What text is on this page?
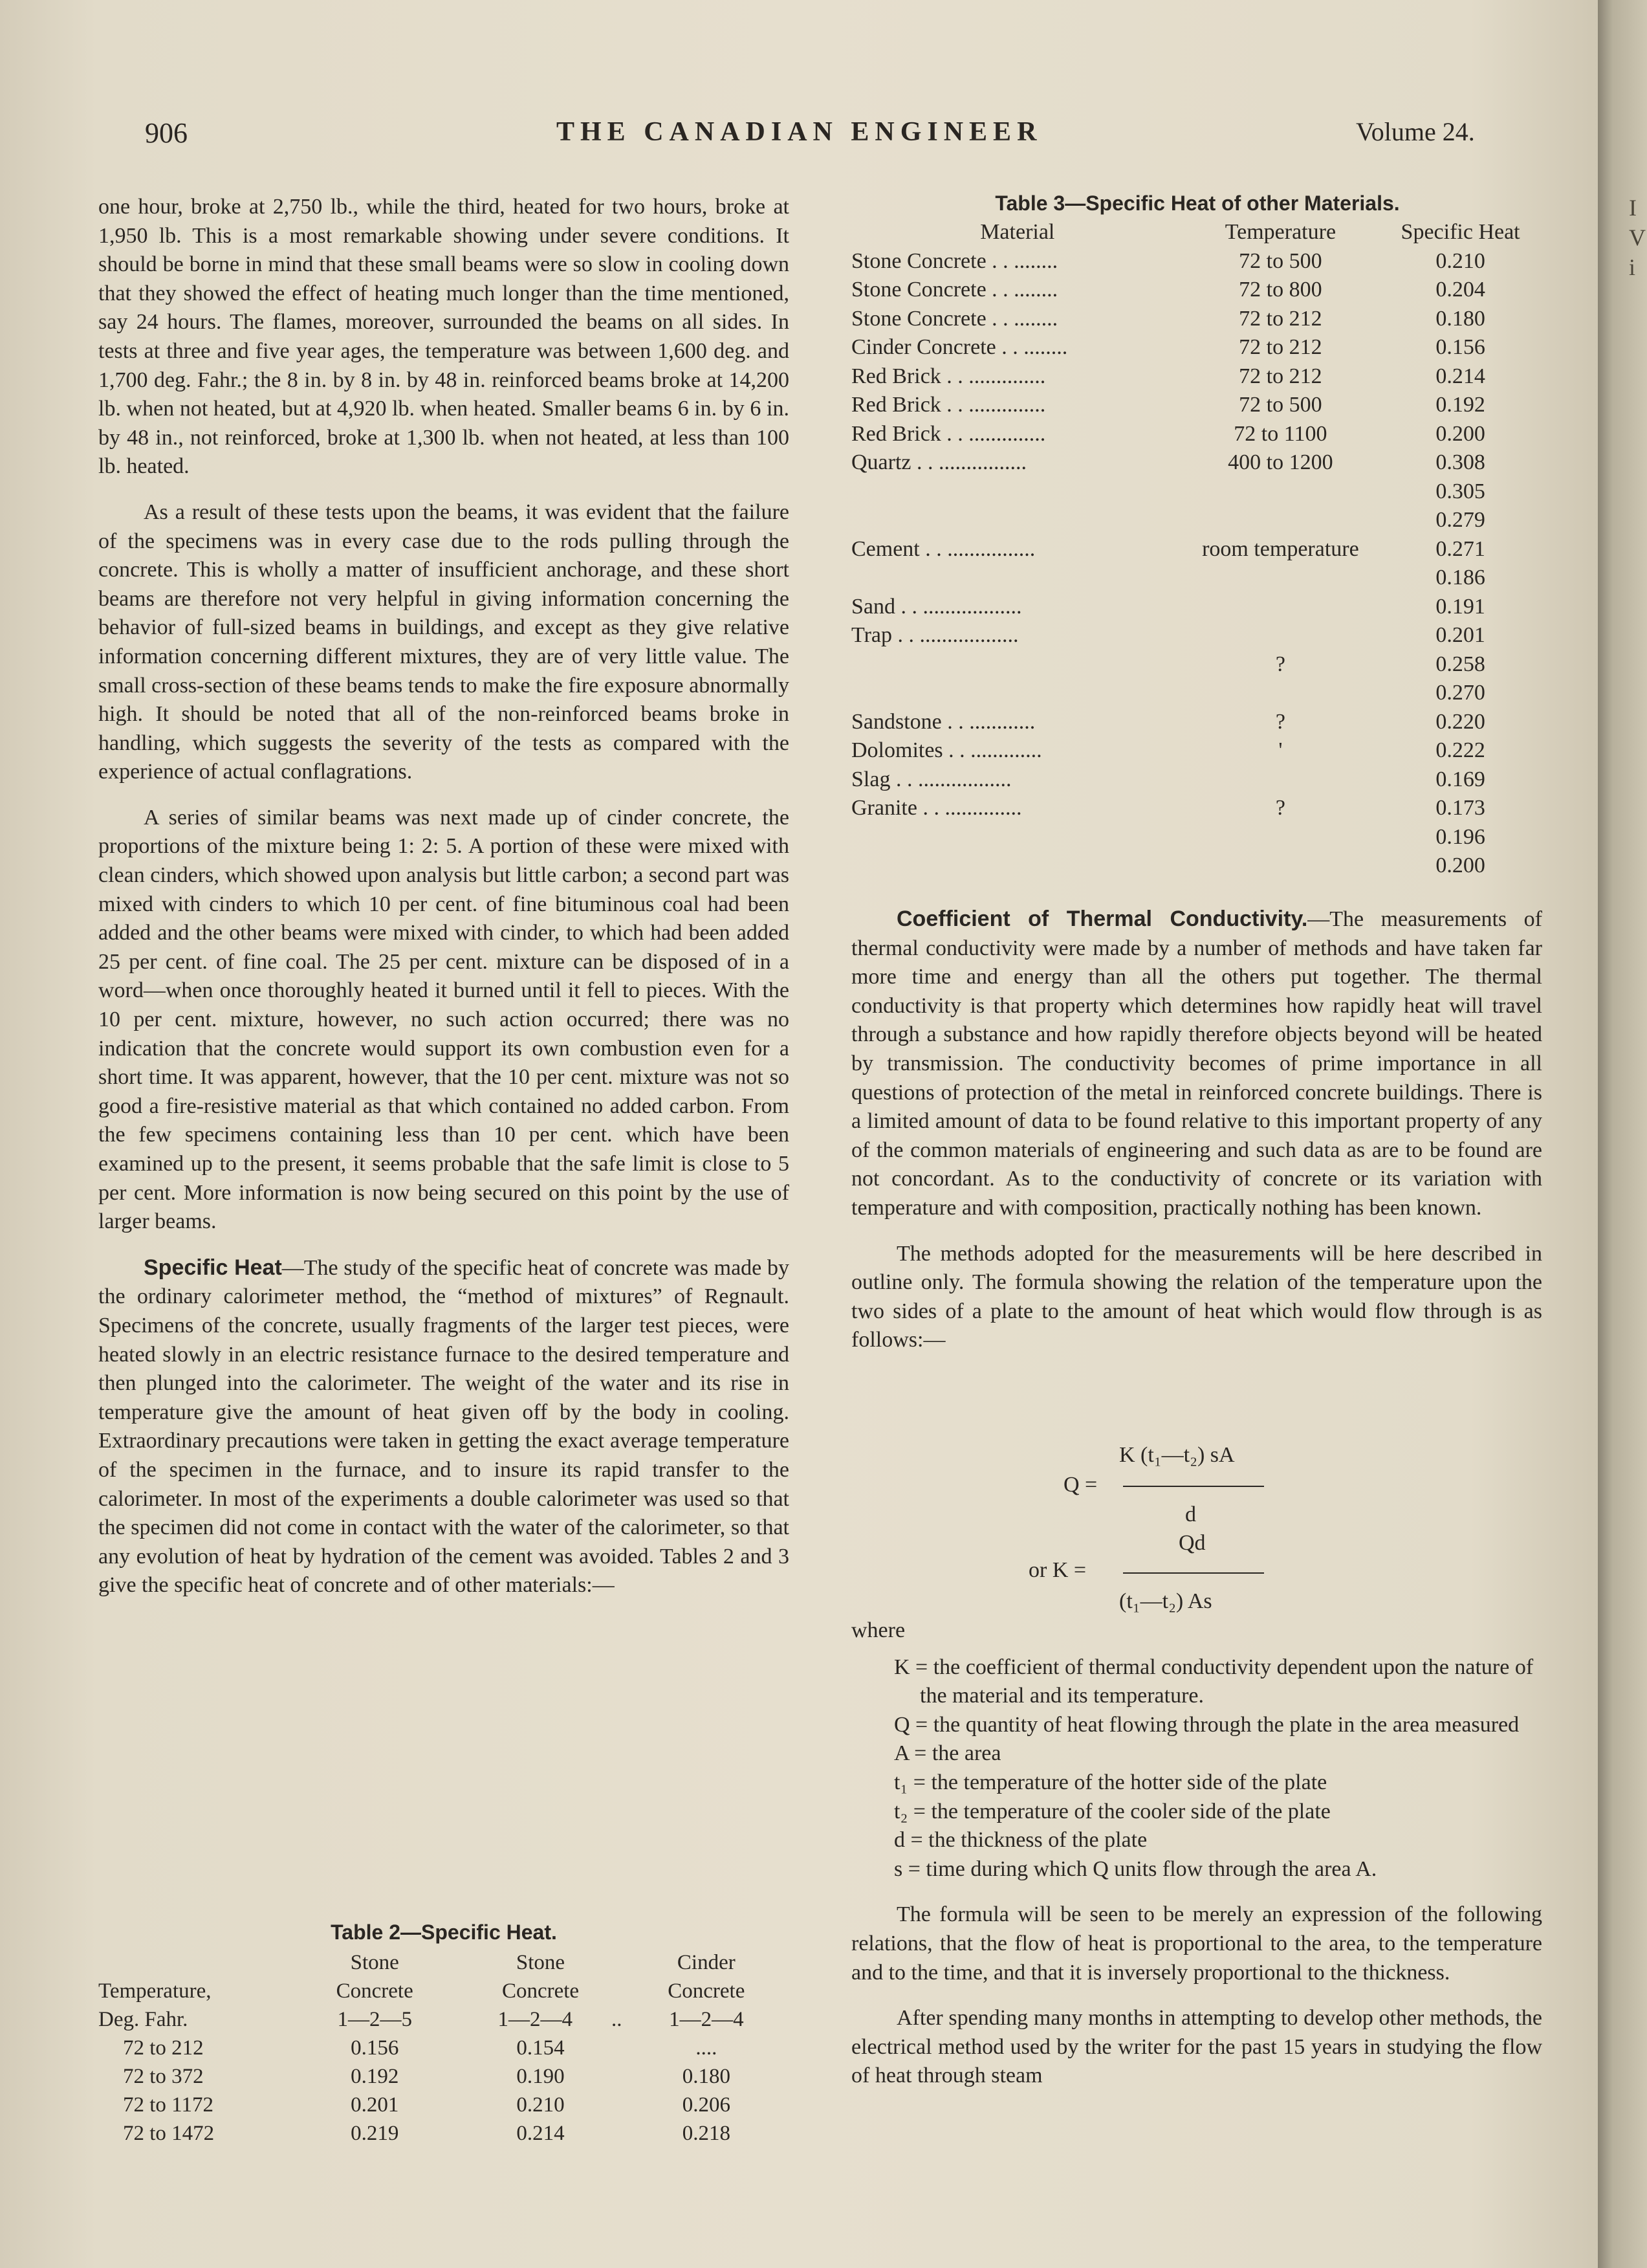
I
V
i
906	THE CANADIAN ENGINEER	Volume 24.

one hour, broke at 2,750 lb., while the third, heated for two hours, broke at 1,950 lb. This is a most remarkable showing under severe conditions. It should be borne in mind that these small beams were so slow in cooling down that they showed the effect of heating much longer than the time mentioned, say 24 hours. The flames, moreover, surrounded the beams on all sides. In tests at three and five year ages, the temperature was between 1,600 deg. and 1,700 deg. Fahr.; the 8 in. by 8 in. by 48 in. reinforced beams broke at 14,200 lb. when not heated, but at 4,920 lb. when heated. Smaller beams 6 in. by 6 in. by 48 in., not reinforced, broke at 1,300 lb. when not heated, at less than 100 lb. heated.

As a result of these tests upon the beams, it was evident that the failure of the specimens was in every case due to the rods pulling through the concrete. This is wholly a matter of insufficient anchorage, and these short beams are therefore not very helpful in giving information concerning the behavior of full-sized beams in buildings, and except as they give relative information concerning different mixtures, they are of very little value. The small cross-section of these beams tends to make the fire exposure abnormally high. It should be noted that all of the non-reinforced beams broke in handling, which suggests the severity of the tests as compared with the experience of actual conflagrations.

A series of similar beams was next made up of cinder concrete, the proportions of the mixture being 1: 2: 5. A portion of these were mixed with clean cinders, which showed upon analysis but little carbon; a second part was mixed with cinders to which 10 per cent. of fine bituminous coal had been added and the other beams were mixed with cinder, to which had been added 25 per cent. of fine coal. The 25 per cent. mixture can be disposed of in a word—when once thoroughly heated it burned until it fell to pieces. With the 10 per cent. mixture, however, no such action occurred; there was no indication that the concrete would support its own combustion even for a short time. It was apparent, however, that the 10 per cent. mixture was not so good a fire-resistive material as that which contained no added carbon. From the few specimens containing less than 10 per cent. which have been examined up to the present, it seems probable that the safe limit is close to 5 per cent. More information is now being secured on this point by the use of larger beams.

Specific Heat—The study of the specific heat of concrete was made by the ordinary calorimeter method, the “method of mixtures” of Regnault. Specimens of the concrete, usually fragments of the larger test pieces, were heated slowly in an electric resistance furnace to the desired temperature and then plunged into the calorimeter. The weight of the water and its rise in temperature give the amount of heat given off by the body in cooling. Extraordinary precautions were taken in getting the exact average temperature of the specimen in the furnace, and to insure its rapid transfer to the calorimeter. In most of the experiments a double calorimeter was used so that the specimen did not come in contact with the water of the calorimeter, so that any evolution of heat by hydration of the cement was avoided. Tables 2 and 3 give the specific heat of concrete and of other materials:—

Table 2—Specific Heat.
	Stone	Stone	Cinder
Temperature,	Concrete	Concrete	Concrete
Deg. Fahr.	1—2—5	1—2—4 ..	1—2—4
72 to 212	0.156	0.154	....
72 to 372	0.192	0.190	0.180
72 to 1172	0.201	0.210	0.206
72 to 1472	0.219	0.214	0.218
Table 3—Specific Heat of other Materials.
Material	Temperature	Specific Heat
Stone Concrete . . ........	72 to 500	0.210
Stone Concrete . . ........	72 to 800	0.204
Stone Concrete . . ........	72 to 212	0.180
Cinder Concrete . . ........	72 to 212	0.156
Red Brick . . ..............	72 to 212	0.214
Red Brick . . ..............	72 to 500	0.192
Red Brick . . ..............	72 to 1100	0.200
Quartz . . ................	400 to 1200	0.308
		0.305
		0.279
Cement . . ................	room temperature	0.271
		0.186
Sand . . ..................		0.191
Trap . . ..................		0.201
	?	0.258
		0.270
Sandstone . . ............	?	0.220
Dolomites . . .............	'	0.222
Slag . . .................		0.169
Granite . . ..............	?	0.173
		0.196
		0.200

Coefficient of Thermal Conductivity.—The measurements of thermal conductivity were made by a number of methods and have taken far more time and energy than all the others put together. The thermal conductivity is that property which determines how rapidly heat will travel through a substance and how rapidly therefore objects beyond will be heated by transmission. The conductivity becomes of prime importance in all questions of protection of the metal in reinforced concrete buildings. There is a limited amount of data to be found relative to this important property of any of the common materials of engineering and such data as are to be found are not concordant. As to the conductivity of concrete or its variation with temperature and with composition, practically nothing has been known.

The methods adopted for the measurements will be here described in outline only. The formula showing the relation of the temperature upon the two sides of a plate to the amount of heat which would flow through is as follows:—

K (t₁—t₂) sA
Q =
d
Qd
or K =
(t₁—t₂) As

where

K = the coefficient of thermal conductivity dependent upon the nature of the material and its temperature.
Q = the quantity of heat flowing through the plate in the area measured
A = the area
t₁ = the temperature of the hotter side of the plate
t₂ = the temperature of the cooler side of the plate
d = the thickness of the plate
s = time during which Q units flow through the area A.

The formula will be seen to be merely an expression of the following relations, that the flow of heat is proportional to the area, to the temperature and to the time, and that it is inversely proportional to the thickness.

After spending many months in attempting to develop other methods, the electrical method used by the writer for the past 15 years in studying the flow of heat through steam
